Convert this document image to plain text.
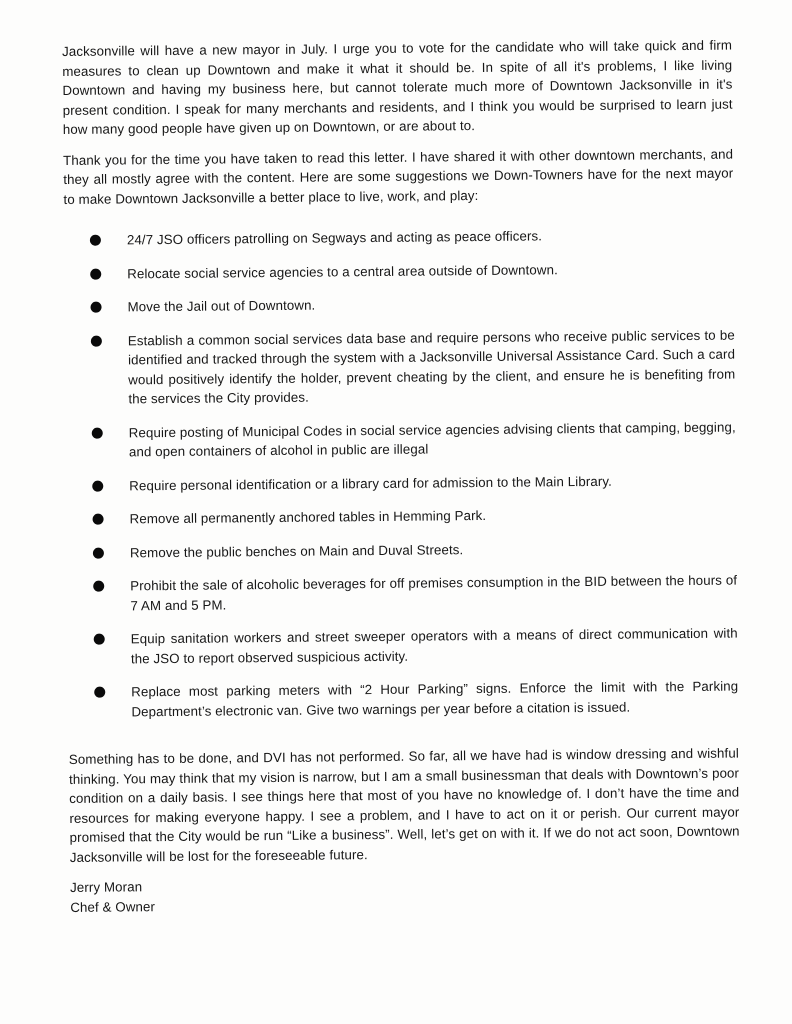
Jacksonville will have a new mayor in July. I urge you to vote for the candidate who will take quick and firm measures to clean up Downtown and make it what it should be. In spite of all it's problems, I like living Downtown and having my business here, but cannot tolerate much more of Downtown Jacksonville in it's present condition. I speak for many merchants and residents, and I think you would be surprised to learn just how many good people have given up on Downtown, or are about to.

Thank you for the time you have taken to read this letter. I have shared it with other downtown merchants, and they all mostly agree with the content. Here are some suggestions we Down-Towners have for the next mayor to make Downtown Jacksonville a better place to live, work, and play:

24/7 JSO officers patrolling on Segways and acting as peace officers.
Relocate social service agencies to a central area outside of Downtown.
Move the Jail out of Downtown.
Establish a common social services data base and require persons who receive public services to be identified and tracked through the system with a Jacksonville Universal Assistance Card. Such a card would positively identify the holder, prevent cheating by the client, and ensure he is benefiting from the services the City provides.
Require posting of Municipal Codes in social service agencies advising clients that camping, begging, and open containers of alcohol in public are illegal
Require personal identification or a library card for admission to the Main Library.
Remove all permanently anchored tables in Hemming Park.
Remove the public benches on Main and Duval Streets.
Prohibit the sale of alcoholic beverages for off premises consumption in the BID between the hours of 7 AM and 5 PM.
Equip sanitation workers and street sweeper operators with a means of direct communication with the JSO to report observed suspicious activity.
Replace most parking meters with “2 Hour Parking” signs. Enforce the limit with the Parking Department’s electronic van. Give two warnings per year before a citation is issued.

Something has to be done, and DVI has not performed. So far, all we have had is window dressing and wishful thinking. You may think that my vision is narrow, but I am a small businessman that deals with Downtown’s poor condition on a daily basis. I see things here that most of you have no knowledge of. I don’t have the time and resources for making everyone happy. I see a problem, and I have to act on it or perish. Our current mayor promised that the City would be run “Like a business”. Well, let’s get on with it. If we do not act soon, Downtown Jacksonville will be lost for the foreseeable future.

Jerry Moran
Chef & Owner
